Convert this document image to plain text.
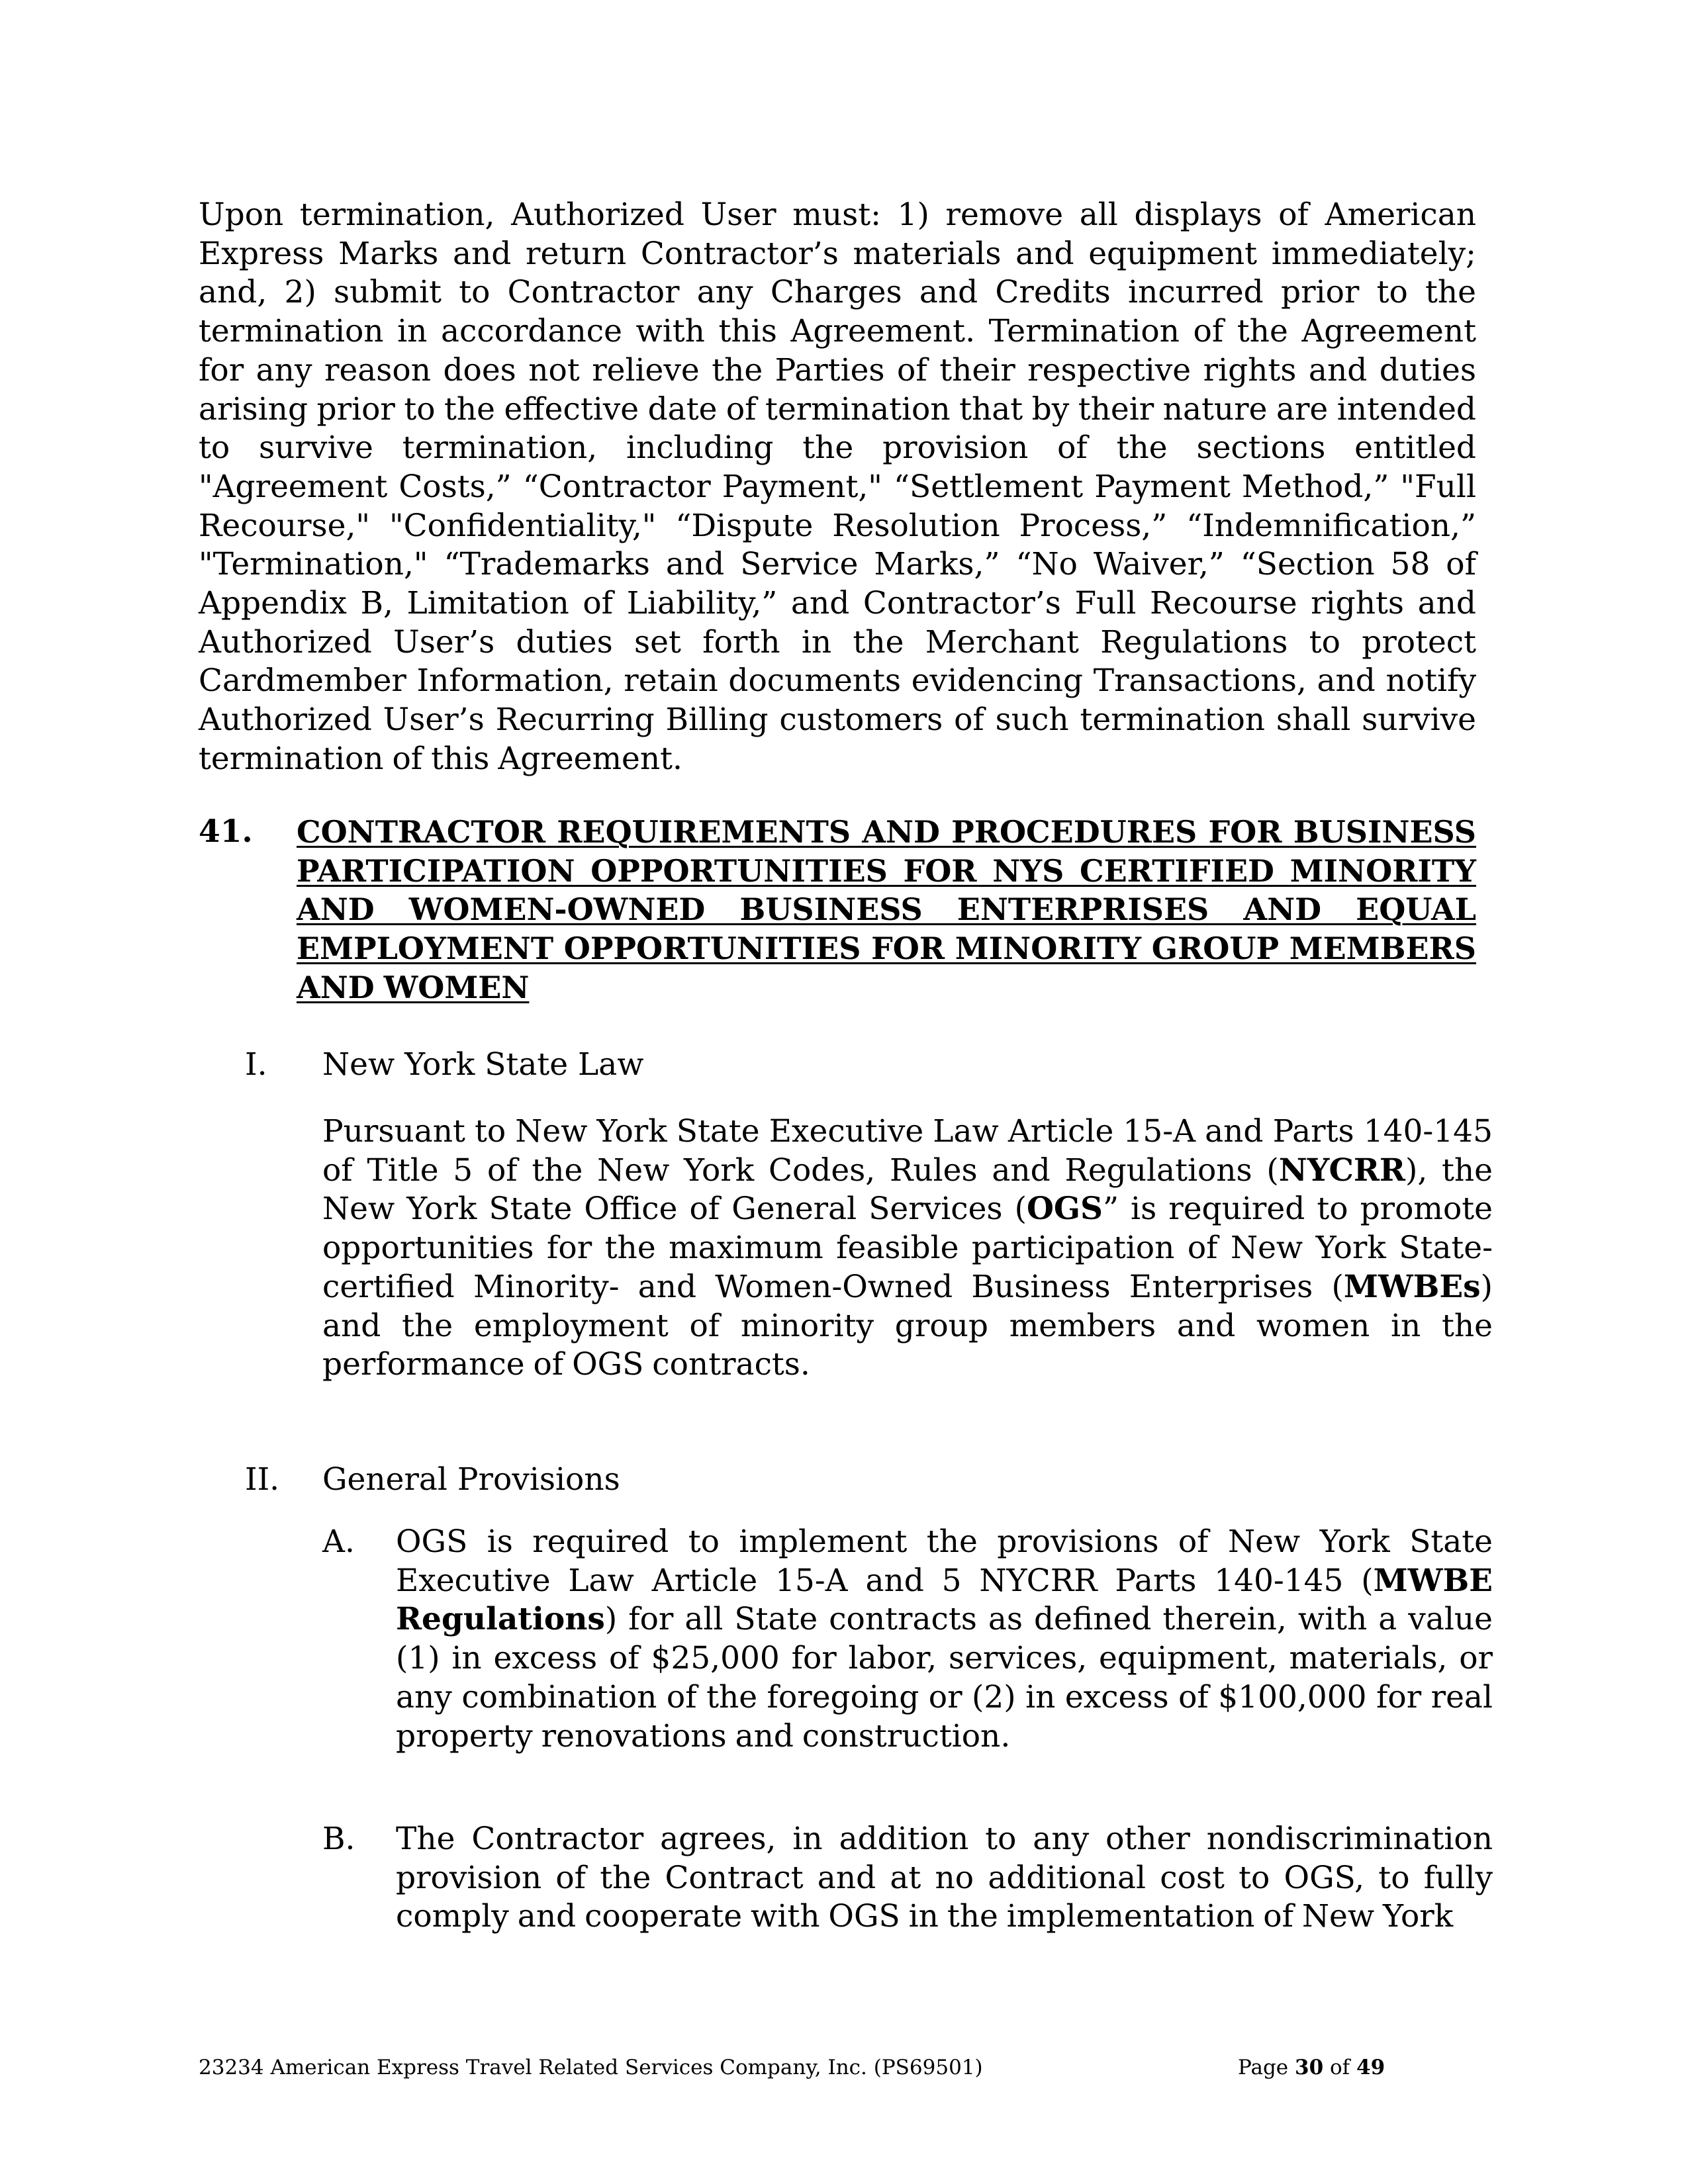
Upon termination, Authorized User must: 1) remove all displays of American Express Marks and return Contractor’s materials and equipment immediately; and, 2) submit to Contractor any Charges and Credits incurred prior to the termination in accordance with this Agreement. Termination of the Agreement for any reason does not relieve the Parties of their respective rights and duties arising prior to the effective date of termination that by their nature are intended to survive termination, including the provision of the sections entitled "Agreement Costs,” “Contractor Payment," “Settlement Payment Method,” "Full Recourse," "Confidentiality," “Dispute Resolution Process,” “Indemnification,” "Termination," “Trademarks and Service Marks,” “No Waiver,” “Section 58 of Appendix B, Limitation of Liability,” and Contractor’s Full Recourse rights and Authorized User’s duties set forth in the Merchant Regulations to protect Cardmember Information, retain documents evidencing Transactions, and notify Authorized User’s Recurring Billing customers of such termination shall survive termination of this Agreement.
41. CONTRACTOR REQUIREMENTS AND PROCEDURES FOR BUSINESS PARTICIPATION OPPORTUNITIES FOR NYS CERTIFIED MINORITY AND WOMEN-OWNED BUSINESS ENTERPRISES AND EQUAL EMPLOYMENT OPPORTUNITIES FOR MINORITY GROUP MEMBERS AND WOMEN
I. New York State Law
Pursuant to New York State Executive Law Article 15-A and Parts 140-145 of Title 5 of the New York Codes, Rules and Regulations (NYCRR), the New York State Office of General Services (OGS” is required to promote opportunities for the maximum feasible participation of New York State-certified Minority- and Women-Owned Business Enterprises (MWBEs) and the employment of minority group members and women in the performance of OGS contracts.
II. General Provisions
A. OGS is required to implement the provisions of New York State Executive Law Article 15-A and 5 NYCRR Parts 140-145 (MWBE Regulations) for all State contracts as defined therein, with a value (1) in excess of $25,000 for labor, services, equipment, materials, or any combination of the foregoing or (2) in excess of $100,000 for real property renovations and construction.
B. The Contractor agrees, in addition to any other nondiscrimination provision of the Contract and at no additional cost to OGS, to fully comply and cooperate with OGS in the implementation of New York
23234 American Express Travel Related Services Company, Inc. (PS69501)	Page 30 of 49
